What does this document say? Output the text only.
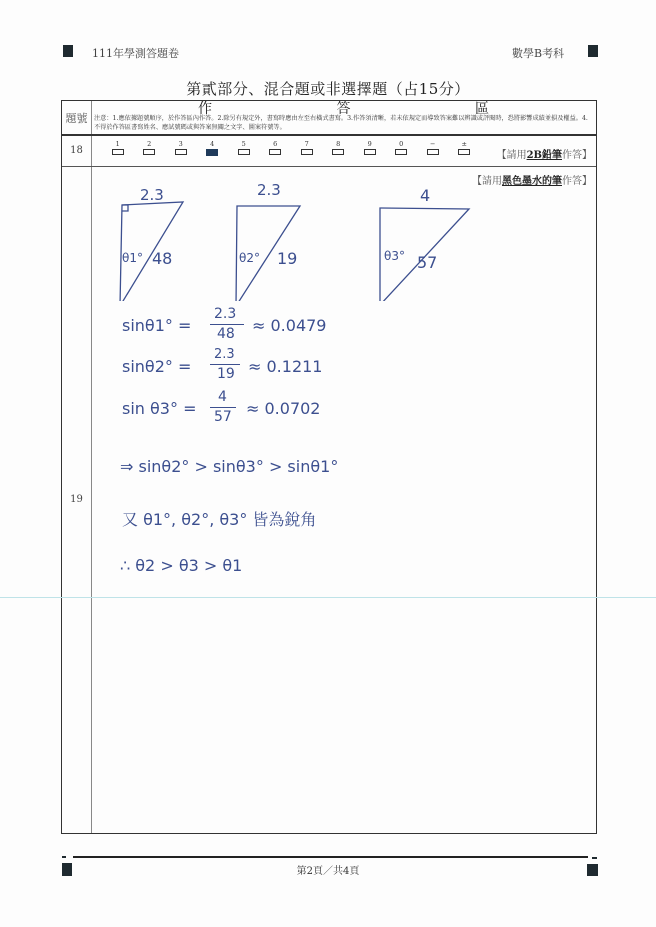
111年學測答題卷	數學B考科
第貳部分、混合題或非選擇題（占15分）
題號
作 答 區
注意：1.應依據題號順序，於作答區內作答。2.除另有規定外，書寫時應由左至右橫式書寫。3.作答須清晰，若未依規定而導致答案難以辨識或評閱時，恐將影響成績並損及權益。4.不得於作答區書寫姓名、應試號碼或與答案無關之文字、圖案符號等。
18
1	2	3	4	5	6	7	8	9	0	−	±
【請用2B鉛筆作答】
19
【請用黑色墨水的筆作答】
2.3
48
θ1°
2.3
19
θ2°
4
57
θ3°
sinθ1° =
2.3
48 ≈ 0.0479
sinθ2° =
2.3
19 ≈ 0.1211
sin θ3° =
4
57 ≈ 0.0702
⇒ sinθ2° > sinθ3° > sinθ1°
又 θ1°, θ2°, θ3° 皆為銳角
∴ θ2 > θ3 > θ1
第2頁／共4頁
